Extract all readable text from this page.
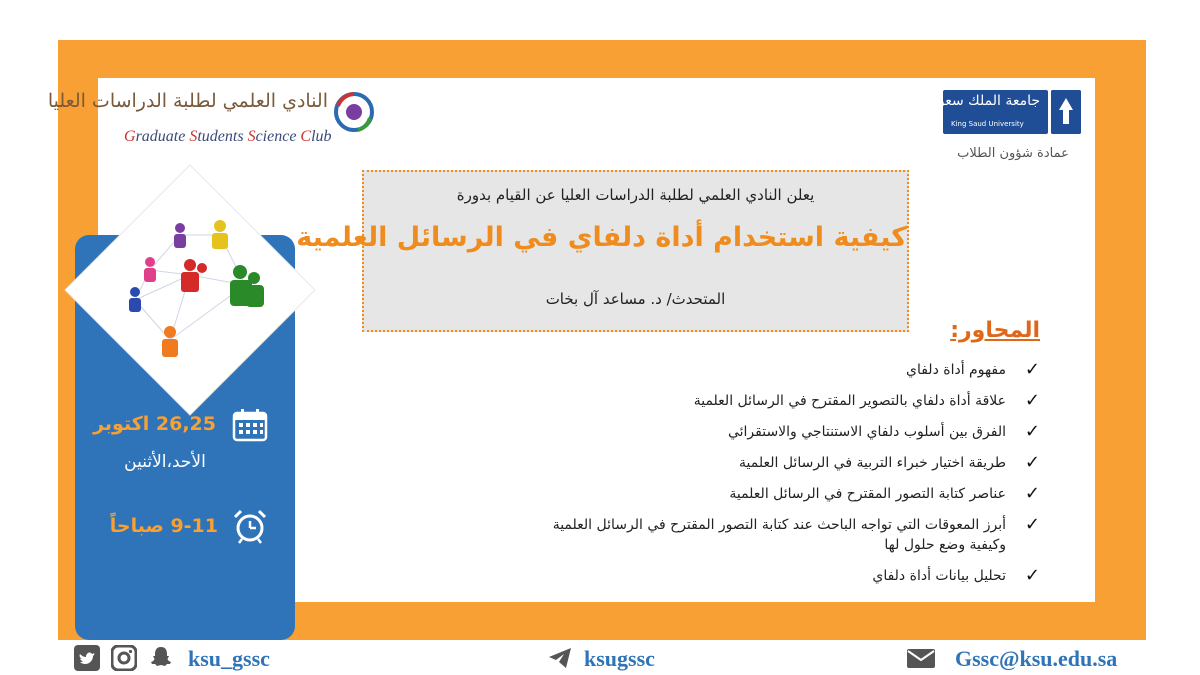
النادي العلمي لطلبة الدراسات العليا
Graduate Students Science Club
جامعة الملك سعود
King Saud University
عمادة شؤون الطلاب
يعلن النادي العلمي لطلبة الدراسات العليا عن القيام بدورة
كيفية استخدام أداة دلفاي في الرسائل العلمية
المتحدث/ د. مساعد آل بخات
المحاور:
✓
مفهوم أداة دلفاي
✓
علاقة أداة دلفاي بالتصوير المقترح في الرسائل العلمية
✓
الفرق بين أسلوب دلفاي الاستنتاجي والاستقرائي
✓
طريقة اختيار خبراء التربية في الرسائل العلمية
✓
عناصر كتابة التصور المقترح في الرسائل العلمية
✓
أبرز المعوقات التي تواجه الباحث عند كتابة التصور المقترح في الرسائل العلمية وكيفية وضع حلول لها
✓
تحليل بيانات أداة دلفاي
26,25 اكتوبر
الأحد،الأثنين
9-11 صباحاً
ksu_gssc	ksugssc	Gssc@ksu.edu.sa
